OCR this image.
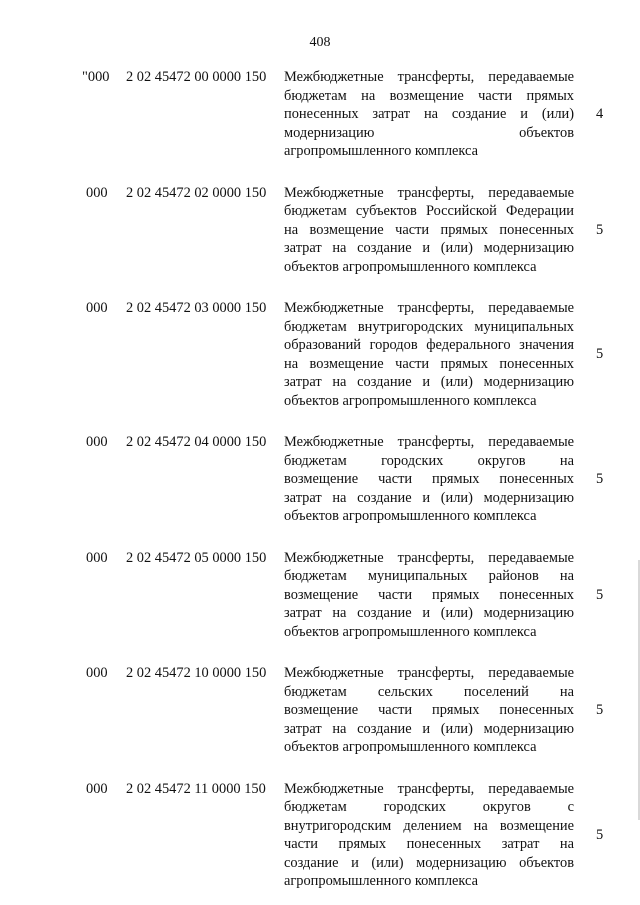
408
"000 2 02 45472 00 0000 150 Межбюджетные трансферты, передаваемые
бюджетам на возмещение части прямых
понесенных затрат на создание и (или)
модернизацию объектов
агропромышленного комплекса
4
000 2 02 45472 02 0000 150 Межбюджетные трансферты, передаваемые
бюджетам субъектов Российской Федерации
на возмещение части прямых понесенных
затрат на создание и (или) модернизацию
объектов агропромышленного комплекса
5
000 2 02 45472 03 0000 150 Межбюджетные трансферты, передаваемые
бюджетам внутригородских муниципальных
образований городов федерального значения
на возмещение части прямых понесенных
затрат на создание и (или) модернизацию
объектов агропромышленного комплекса
5
000 2 02 45472 04 0000 150 Межбюджетные трансферты, передаваемые
бюджетам городских округов на
возмещение части прямых понесенных
затрат на создание и (или) модернизацию
объектов агропромышленного комплекса
5
000 2 02 45472 05 0000 150 Межбюджетные трансферты, передаваемые
бюджетам муниципальных районов на
возмещение части прямых понесенных
затрат на создание и (или) модернизацию
объектов агропромышленного комплекса
5
000 2 02 45472 10 0000 150 Межбюджетные трансферты, передаваемые
бюджетам сельских поселений на
возмещение части прямых понесенных
затрат на создание и (или) модернизацию
объектов агропромышленного комплекса
5
000 2 02 45472 11 0000 150 Межбюджетные трансферты, передаваемые
бюджетам городских округов с
внутригородским делением на возмещение
части прямых понесенных затрат на
создание и (или) модернизацию объектов
агропромышленного комплекса
5
